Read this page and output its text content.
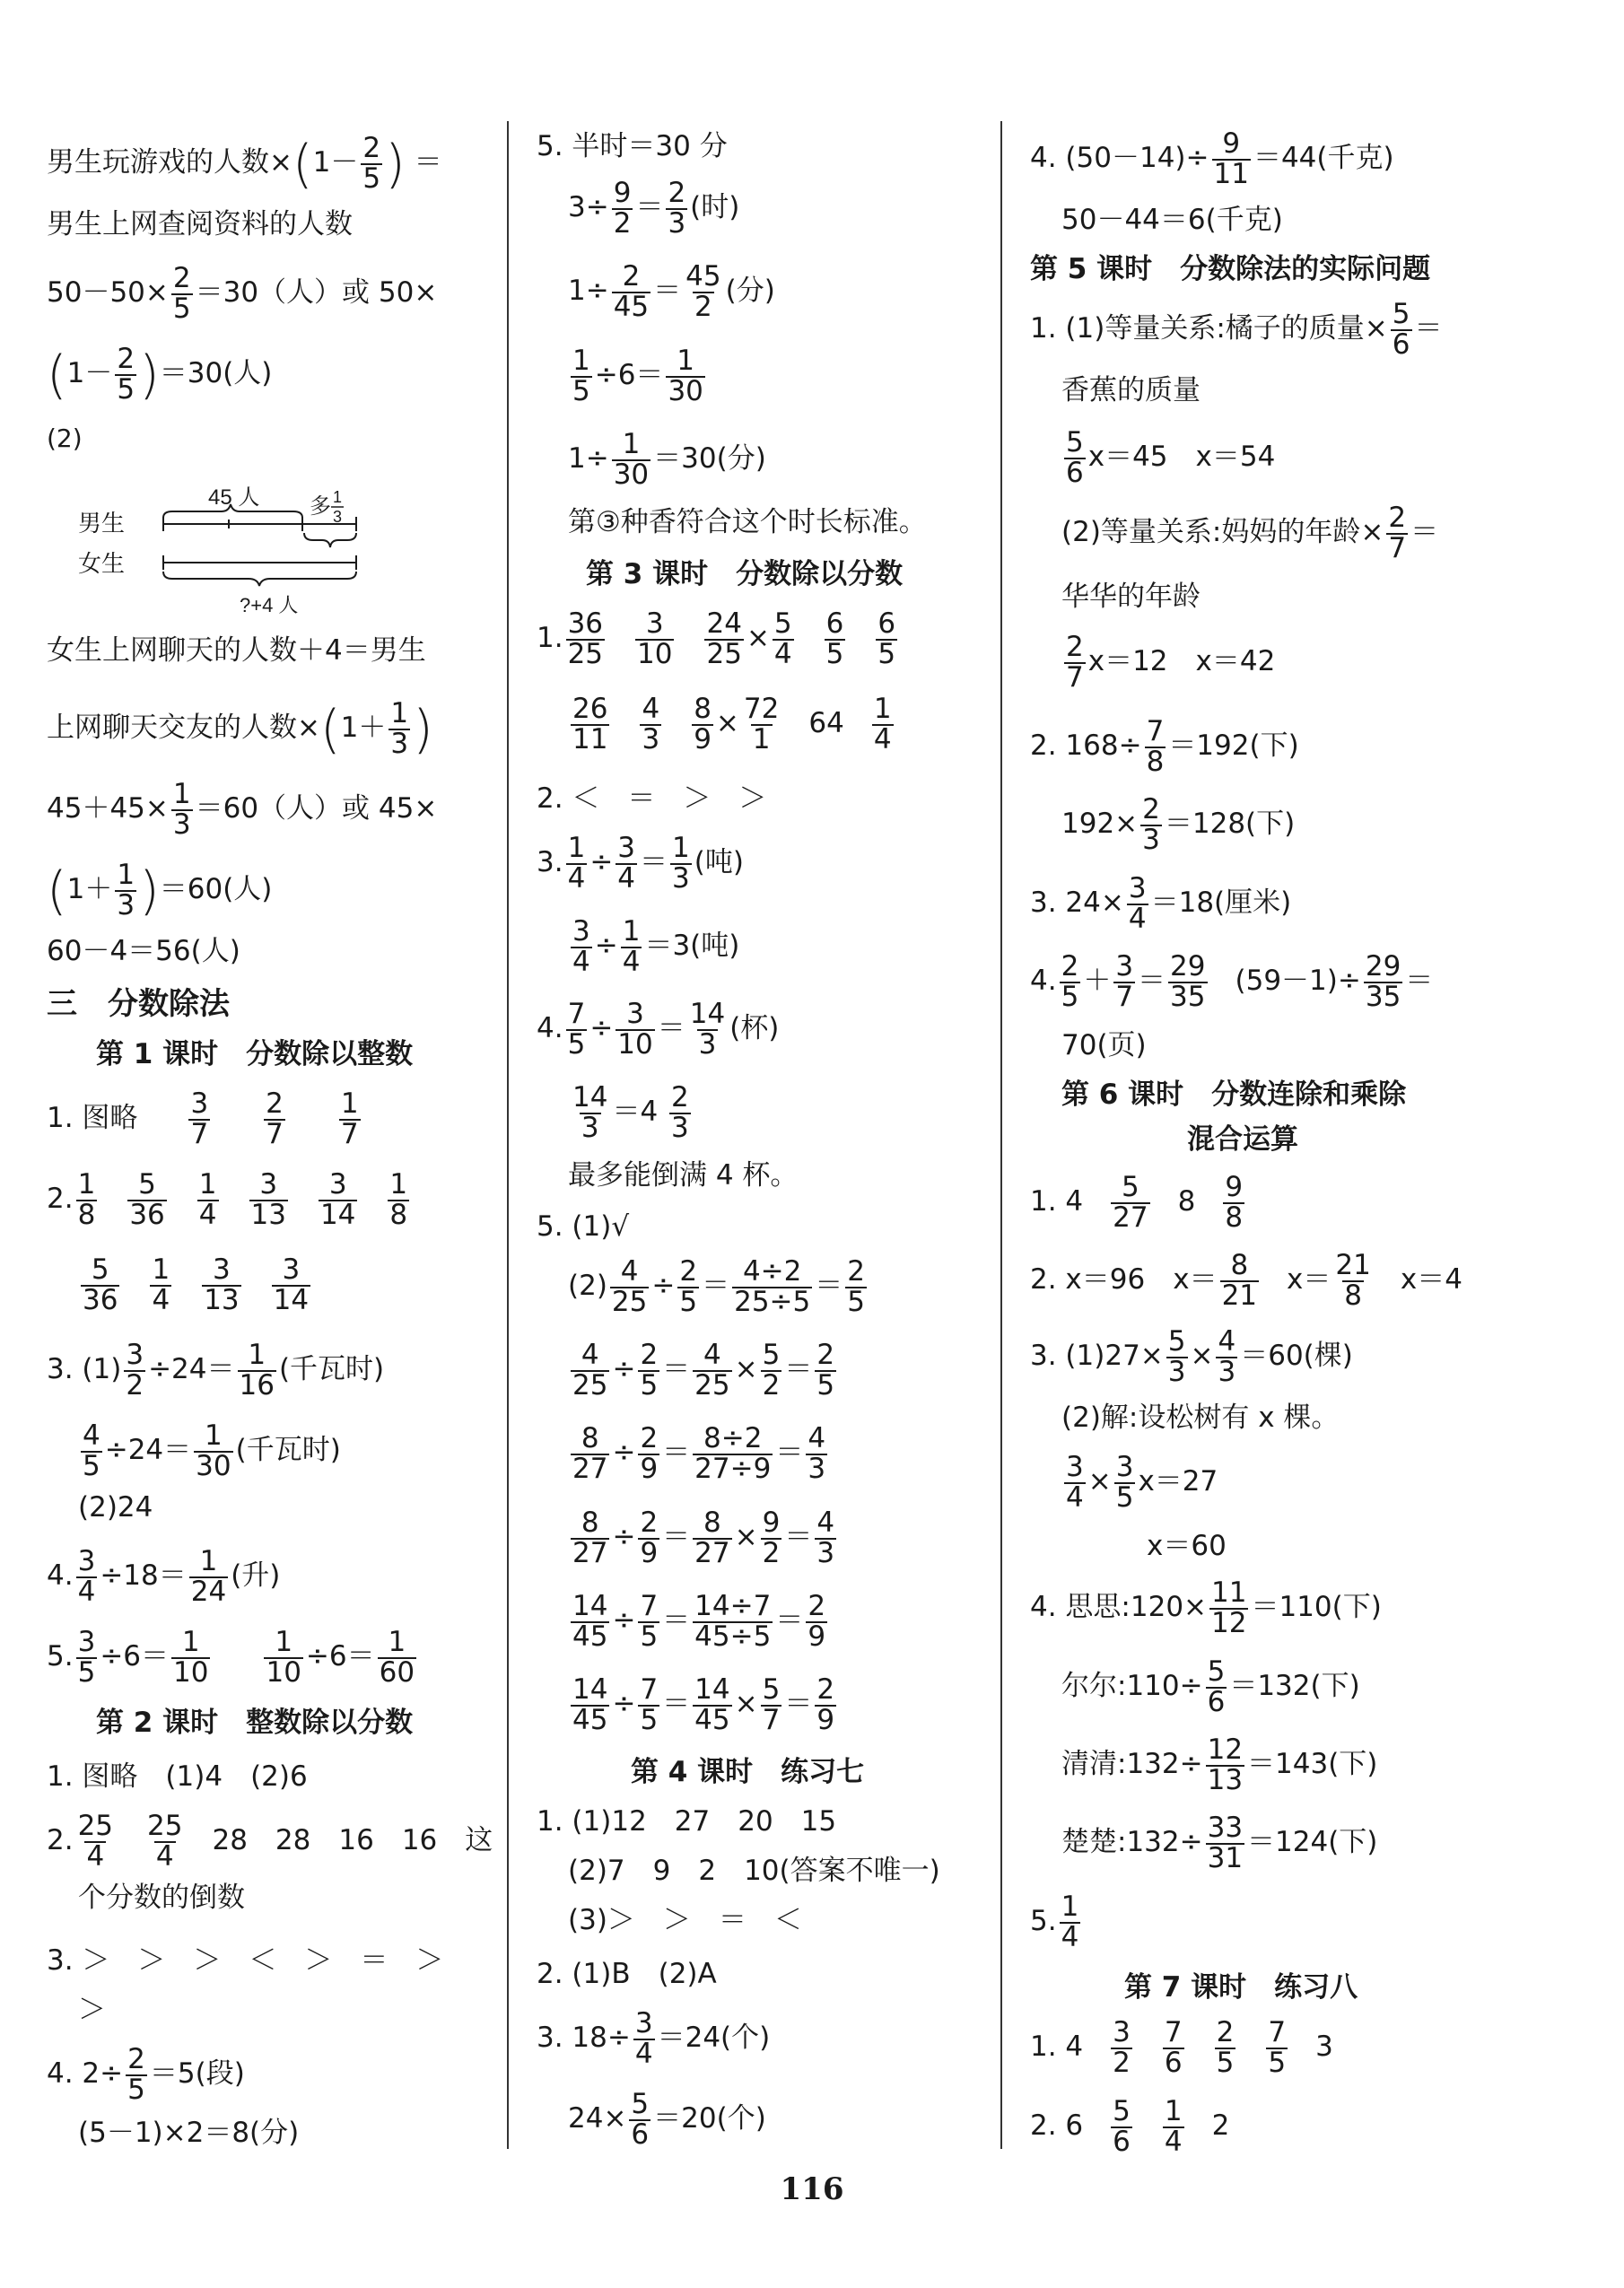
男生玩游戏的人数$\times(1- \frac{2}{5}$ ) ＝
男生上网查阅资料的人数
$50-50\times \frac{2}{5} =30$（人）或 50×
$(1- \frac{2}{5} )=30$(人)
(2)
45 人
男生
多 1
3
女生
?+4 人
女生上网聊天的人数＋4＝男生
上网聊天交友的人数$\times(1+ \frac{1}{3}$ )
$45+45\times \frac{1}{3} =60$（人）或 45×
$(1+ \frac{1}{3} )=60$(人)
60－4＝56(人)
三　分数除法
第 1 课时　分数除以整数
1. 图略 $\frac{3}{7} \frac{2}{7} \frac{1}{7}$
2. $\frac{1}{8} \frac{5}{36} \frac{1}{4} \frac{3}{13} \frac{3}{14} \frac{1}{8}$
$\frac{5}{36} \frac{1}{4} \frac{3}{13} \frac{3}{14}$
3. $(1) \frac{3}{2} \div 24= \frac{1}{16}$ (千瓦时)
$\frac{4}{5} \div 24= \frac{1}{30}$ (千瓦时)
(2)24
4. $\frac{3}{4} \div 18= \frac{1}{24}$ (升)
5. $\frac{3}{5} \div 6= \frac{1}{10} \frac{1}{10} \div 6= \frac{1}{60}$
第 2 课时　整数除以分数
1. 图略　(1)4　(2)6
2. $\frac{25}{4} \frac{25}{4} 28$　28　16　16　这
个分数的倒数
3. ＞　＞　＞　＜　＞　＝　＞
＞
4. $2\div \frac{2}{5} =5$(段)
(5－1)×2＝8(分)
5. 半时＝30 分
$3\div \frac{9}{2} = \frac{2}{3}$ (时)
$1\div \frac{2}{45} = \frac{45}{2}$ (分)
$\frac{1}{5} \div 6= \frac{1}{30}$
$1\div \frac{1}{30} =30$(分)
第③种香符合这个时长标准。
第 3 课时　分数除以分数
1. $\frac{36}{25} \frac{3}{10} \frac{24}{25} \times \frac{5}{4} \frac{6}{5} \frac{6}{5}$
$\frac{26}{11} \frac{4}{3} \frac{8}{9} \times \frac{72}{1} 64 \frac{1}{4}$
2. ＜　＝　＞　＞
3. $\frac{1}{4} \div \frac{3}{4} = \frac{1}{3}$ (吨)
$\frac{3}{4} \div \frac{1}{4} =3$(吨)
4. $\frac{7}{5} \div \frac{3}{10} = \frac{14}{3}$ (杯)
$\frac{14}{3} =4 \frac{2}{3}$
最多能倒满 4 杯。
5. (1)√
$(2) \frac{4}{25} \div \frac{2}{5} = \frac{4\div 2}{25\div 5} = \frac{2}{5}$
$\frac{4}{25} \div \frac{2}{5} = \frac{4}{25} \times \frac{5}{2} = \frac{2}{5}$
$\frac{8}{27} \div \frac{2}{9} = \frac{8\div 2}{27\div 9} = \frac{4}{3}$
$\frac{8}{27} \div \frac{2}{9} = \frac{8}{27} \times \frac{9}{2} = \frac{4}{3}$
$\frac{14}{45} \div \frac{7}{5} = \frac{14\div 7}{45\div 5} = \frac{2}{9}$
$\frac{14}{45} \div \frac{7}{5} = \frac{14}{45} \times \frac{5}{7} = \frac{2}{9}$
第 4 课时　练习七
1. (1)12　27　20　15
(2)7　9　2　10(答案不唯一)
(3)＞　＞　＝　＜
2. (1)B　(2)A
3. $18\div \frac{3}{4} =24$(个)
$24\times \frac{5}{6} =20$(个)
4. $(50-14)\div \frac{9}{11} =44$(千克)
50－44＝6(千克)
第 5 课时　分数除法的实际问题
1. (1)等量关系:橘子的质量× $\frac{5}{6}$ ＝
香蕉的质量
$\frac{5}{6} x=45$　x＝54
(2)等量关系:妈妈的年龄× $\frac{2}{7}$ ＝
华华的年龄
$\frac{2}{7} x=12$　x＝42
2. $168\div \frac{7}{8} =192$(下)
$192\times \frac{2}{3} =128$(下)
3. $24\times \frac{3}{4} =18$(厘米)
4. $\frac{2}{5} + \frac{3}{7} = \frac{29}{35} (59-1)\div \frac{29}{35}$ ＝
70(页)
第 6 课时　分数连除和乘除
混合运算
1. $4 \frac{5}{27} 8 \frac{9}{8}$
2. x＝96　$x= \frac{8}{21} x= \frac{21}{8} x=4$
3. $(1)27\times \frac{5}{3} \times \frac{4}{3} =60$(棵)
(2)解:设松树有 x 棵。
$\frac{3}{4} \times \frac{3}{5} x=27$
x＝60
4. 思思:120× $\frac{11}{12} =110$(下)
尔尔:110÷ $\frac{5}{6} =132$(下)
清清:132÷ $\frac{12}{13} =143$(下)
楚楚:132÷ $\frac{33}{31} =124$(下)
5. $\frac{1}{4}$
第 7 课时　练习八
1. $4 \frac{3}{2} \frac{7}{6} \frac{2}{5} \frac{7}{5} 3$
2. $6 \frac{5}{6} \frac{1}{4} 2$
116
